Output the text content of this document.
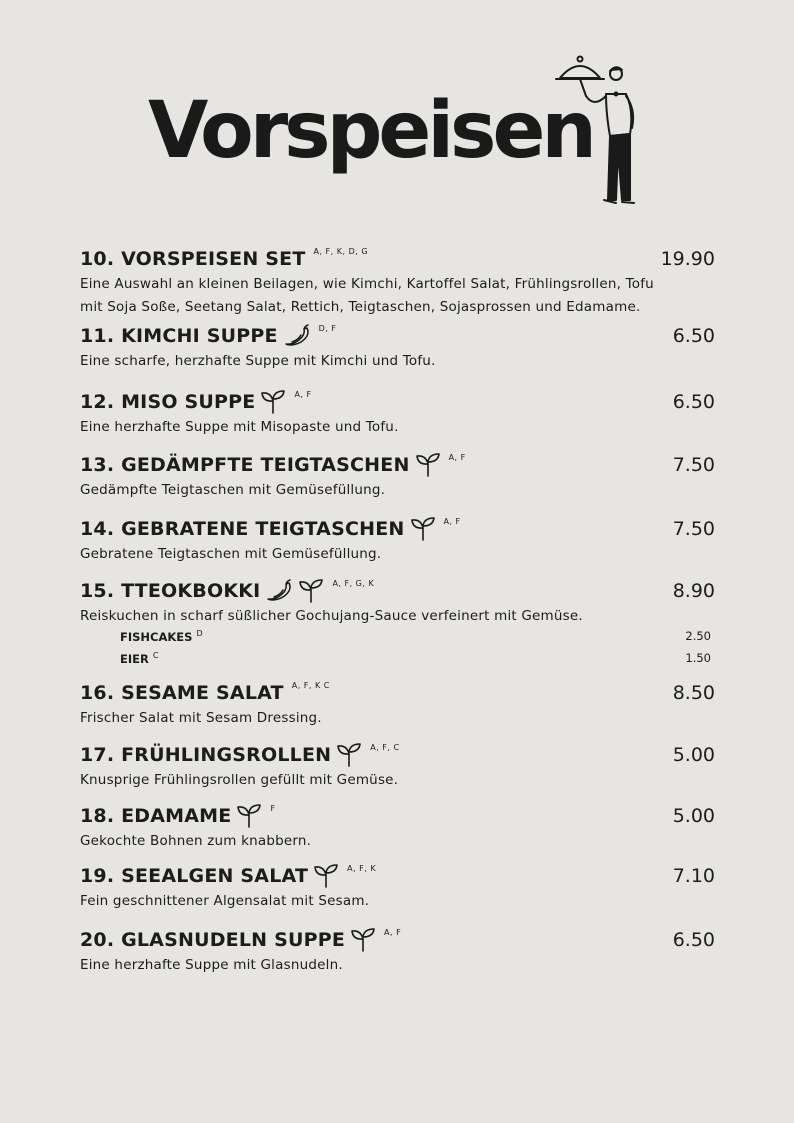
Vorspeisen
10. VORSPEISEN SET A, F, K, D, G	19.90
Eine Auswahl an kleinen Beilagen, wie Kimchi, Kartoffel Salat, Frühlingsrollen, Tofu
mit Soja Soße, Seetang Salat, Rettich, Teigtaschen, Sojasprossen und Edamame.
11. KIMCHI SUPPE	D, F	6.50
Eine scharfe, herzhafte Suppe mit Kimchi und Tofu.
12. MISO SUPPE	A, F	6.50
Eine herzhafte Suppe mit Misopaste und Tofu.
13. GEDÄMPFTE TEIGTASCHEN	A, F	7.50
Gedämpfte Teigtaschen mit Gemüsefüllung.
14. GEBRATENE TEIGTASCHEN	A, F	7.50
Gebratene Teigtaschen mit Gemüsefüllung.
15. TTEOKBOKKI	A, F, G, K	8.90
Reiskuchen in scharf süßlicher Gochujang-Sauce verfeinert mit Gemüse.
FISHCAKES $^D$	2.50
EIER $^C$	1.50
16. SESAME SALAT A, F, K C	8.50
Frischer Salat mit Sesam Dressing.
17. FRÜHLINGSROLLEN	A, F, C	5.00
Knusprige Frühlingsrollen gefüllt mit Gemüse.
18. EDAMAME	F	5.00
Gekochte Bohnen zum knabbern.
19. SEEALGEN SALAT	A, F, K	7.10
Fein geschnittener Algensalat mit Sesam.
20. GLASNUDELN SUPPE	A, F	6.50
Eine herzhafte Suppe mit Glasnudeln.
